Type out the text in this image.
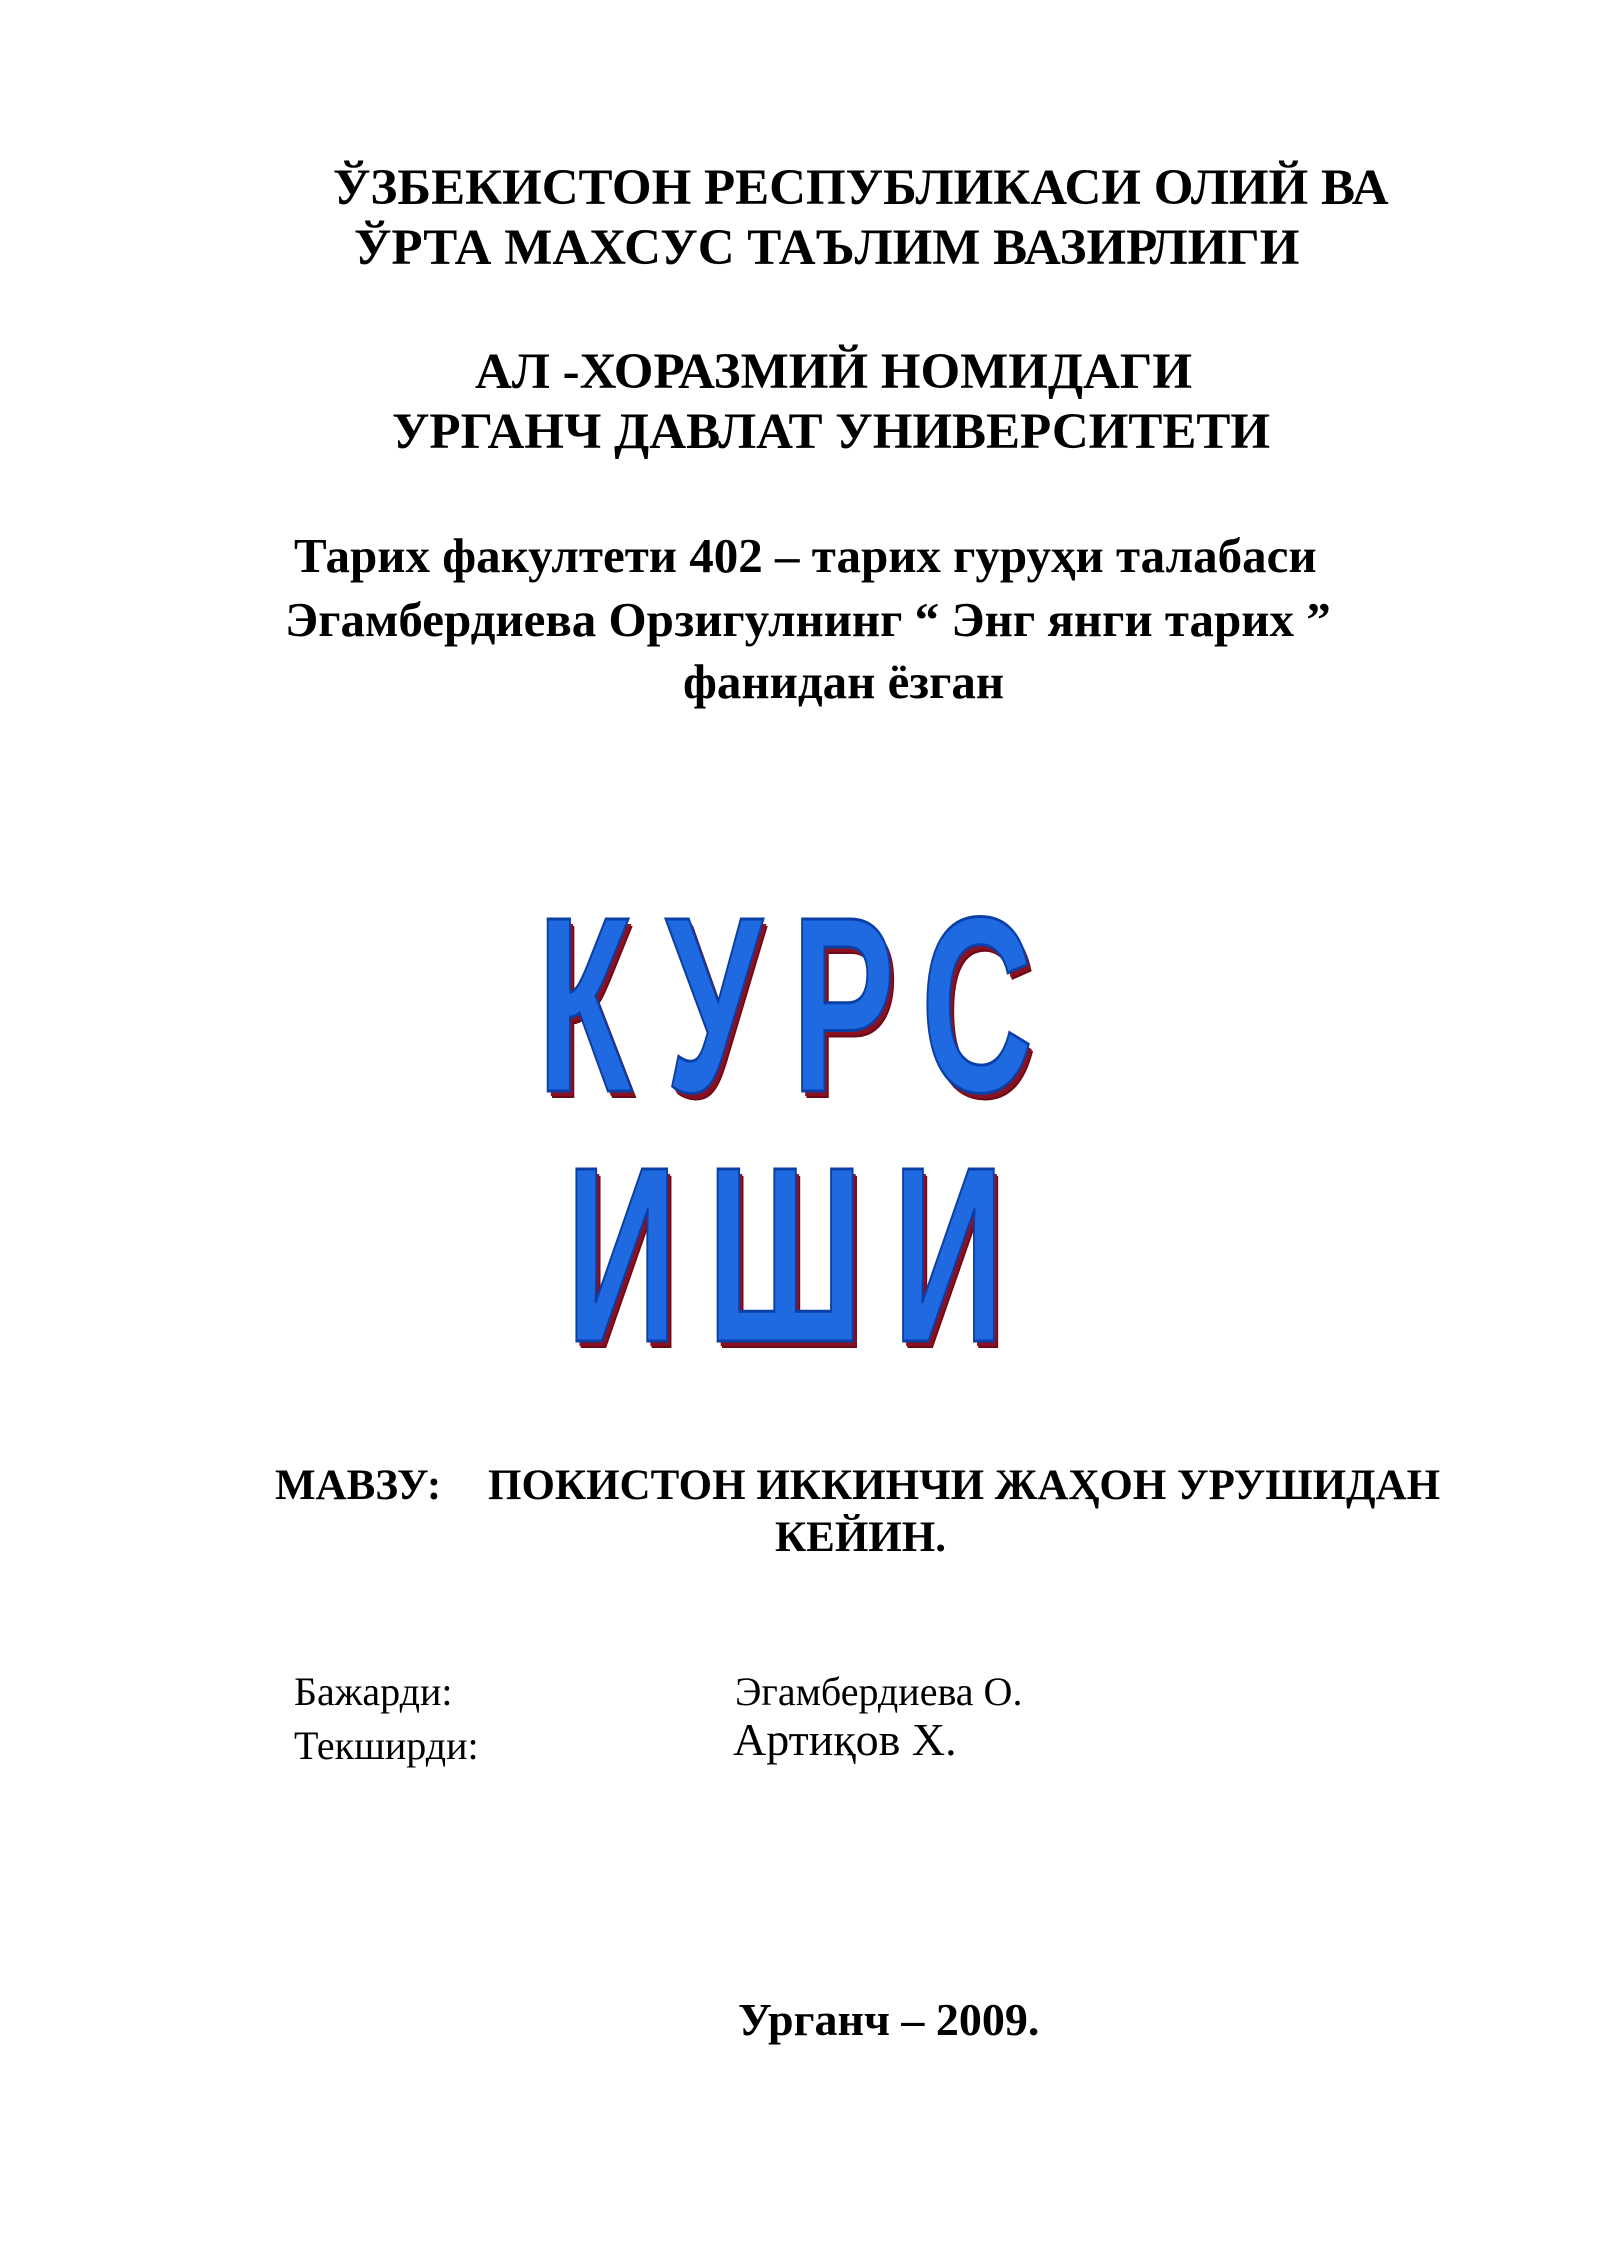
ЎЗБЕКИСТОН РЕСПУБЛИКАСИ ОЛИЙ ВА
ЎРТА МАХСУС ТАЪЛИМ ВАЗИРЛИГИ
АЛ -ХОРАЗМИЙ НОМИДАГИ
УРГАНЧ ДАВЛАТ УНИВЕРСИТЕТИ
Тарих факултети 402 – тарих гуруҳи талабаси
Эгамбердиева Орзигулнинг “ Энг янги тарих ”
фанидан ёзган
КУРС ИШИ
МАВЗУ: ПОКИСТОН ИККИНЧИ ЖАҲОН УРУШИДАН
КЕЙИН.
Бажарди:	Эгамбердиева О.
Текширди:	Артиқов Х.
Урганч – 2009.
